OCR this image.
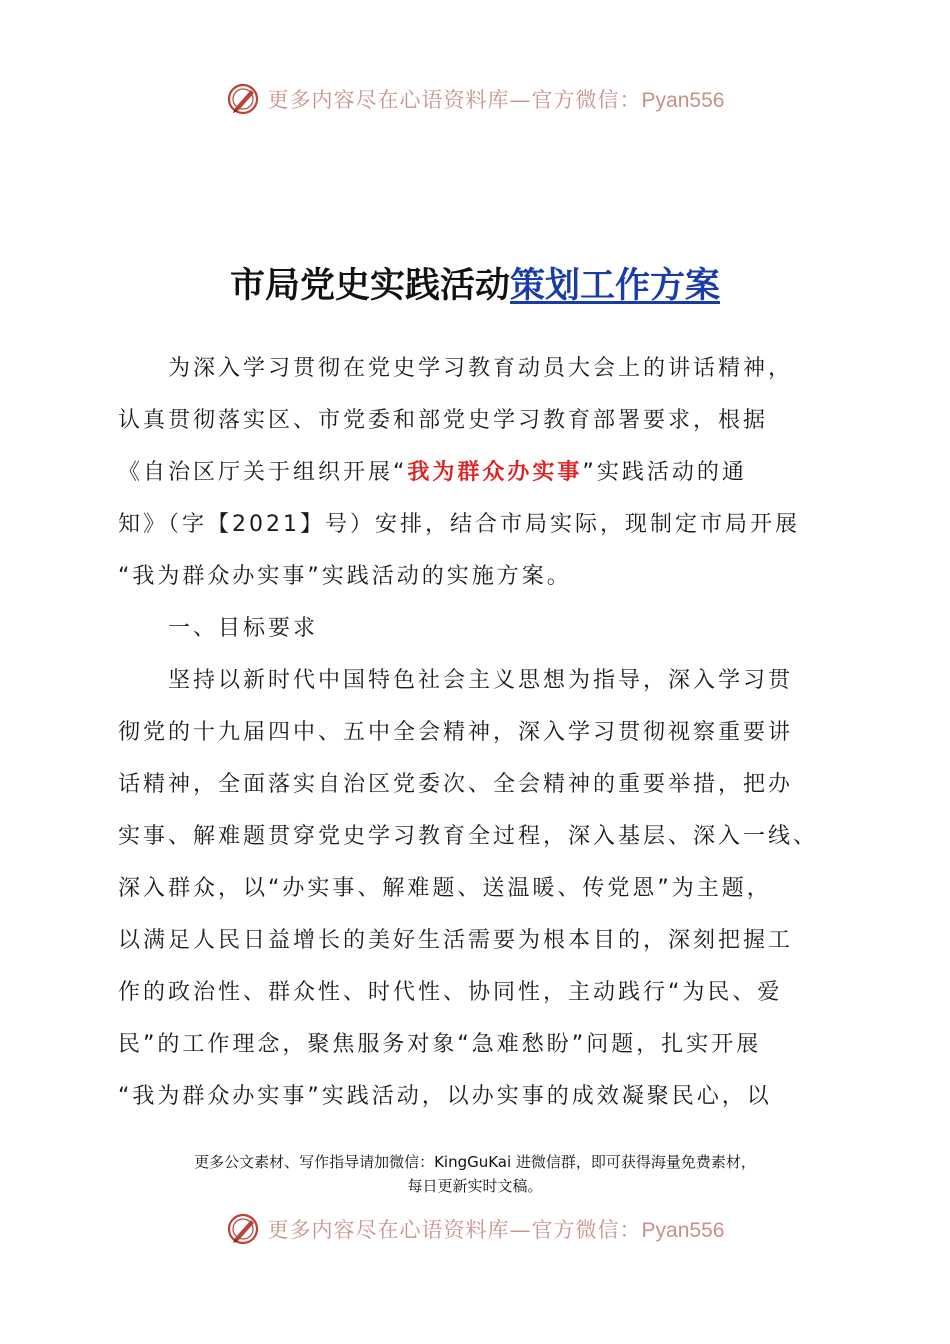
更多内容尽在心语资料库—官方微信：Pyan556
市局党史实践活动策划工作方案
为深入学习贯彻在党史学习教育动员大会上的讲话精神，
认真贯彻落实区、市党委和部党史学习教育部署要求，根据
《自治区厅关于组织开展“我为群众办实事”实践活动的通
知》（字【2021】号）安排，结合市局实际，现制定市局开展
“我为群众办实事”实践活动的实施方案。
一、目标要求
坚持以新时代中国特色社会主义思想为指导，深入学习贯
彻党的十九届四中、五中全会精神，深入学习贯彻视察重要讲
话精神，全面落实自治区党委次、全会精神的重要举措，把办
实事、解难题贯穿党史学习教育全过程，深入基层、深入一线、
深入群众，以“办实事、解难题、送温暖、传党恩”为主题，
以满足人民日益增长的美好生活需要为根本目的，深刻把握工
作的政治性、群众性、时代性、协同性，主动践行“为民、爱
民”的工作理念，聚焦服务对象“急难愁盼”问题，扎实开展
“我为群众办实事”实践活动，以办实事的成效凝聚民心，以
更多公文素材、写作指导请加微信：KingGuKai 进微信群，即可获得海量免费素材，
每日更新实时文稿。
更多内容尽在心语资料库—官方微信：Pyan556
